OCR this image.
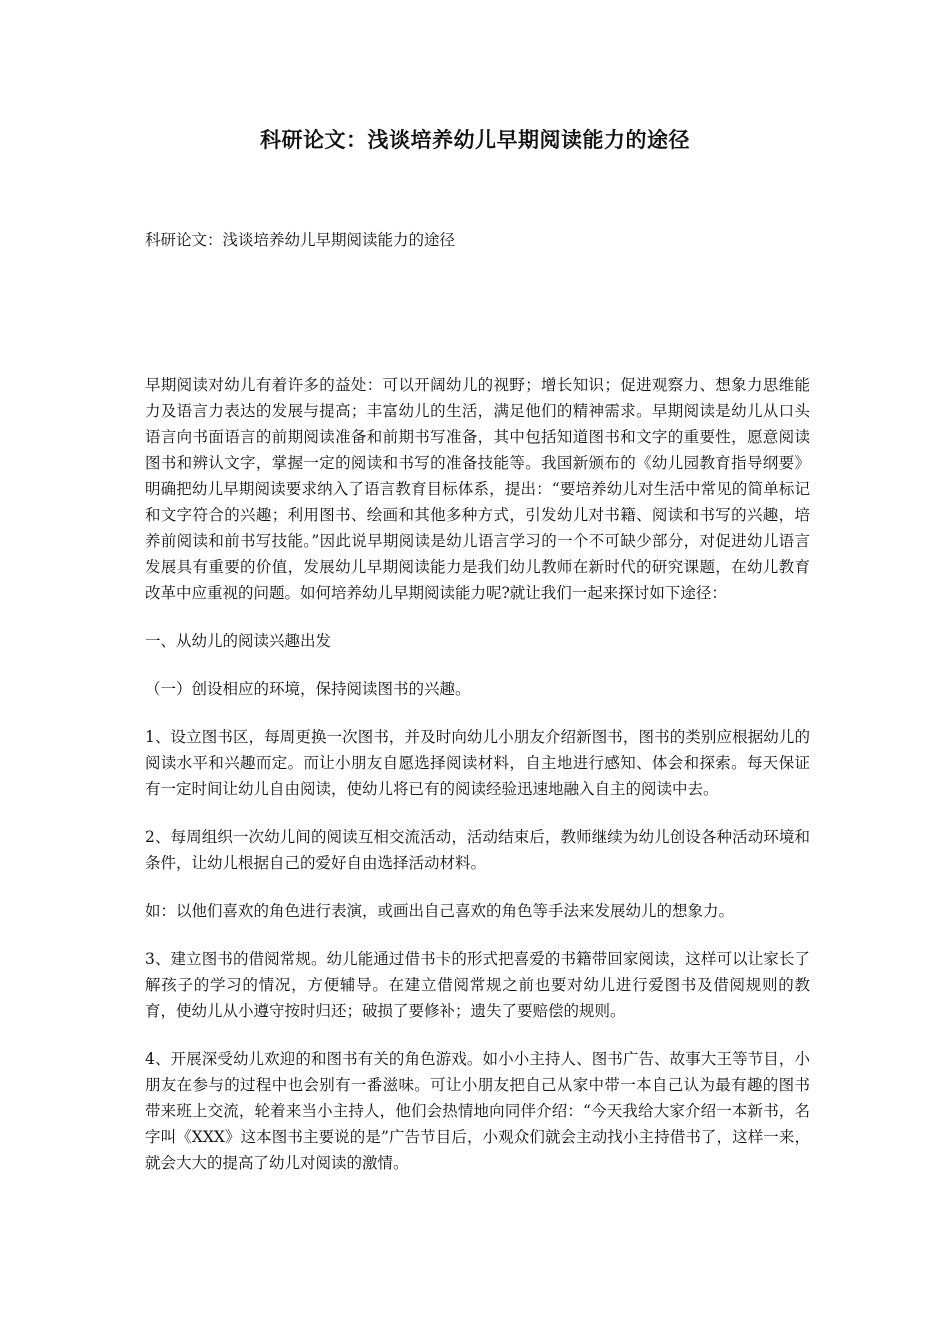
科研论文：浅谈培养幼儿早期阅读能力的途径

科研论文：浅谈培养幼儿早期阅读能力的途径

早期阅读对幼儿有着许多的益处：可以开阔幼儿的视野；增长知识；促进观察力、想象力思维能力及语言力表达的发展与提高；丰富幼儿的生活，满足他们的精神需求。早期阅读是幼儿从口头语言向书面语言的前期阅读准备和前期书写准备，其中包括知道图书和文字的重要性，愿意阅读图书和辨认文字，掌握一定的阅读和书写的准备技能等。我国新颁布的《幼儿园教育指导纲要》明确把幼儿早期阅读要求纳入了语言教育目标体系，提出：“要培养幼儿对生活中常见的简单标记和文字符合的兴趣；利用图书、绘画和其他多种方式，引发幼儿对书籍、阅读和书写的兴趣，培养前阅读和前书写技能。”因此说早期阅读是幼儿语言学习的一个不可缺少部分，对促进幼儿语言发展具有重要的价值，发展幼儿早期阅读能力是我们幼儿教师在新时代的研究课题，在幼儿教育改革中应重视的问题。如何培养幼儿早期阅读能力呢?就让我们一起来探讨如下途径：

一、从幼儿的阅读兴趣出发

（一）创设相应的环境，保持阅读图书的兴趣。

1、设立图书区，每周更换一次图书，并及时向幼儿小朋友介绍新图书，图书的类别应根据幼儿的阅读水平和兴趣而定。而让小朋友自愿选择阅读材料，自主地进行感知、体会和探索。每天保证有一定时间让幼儿自由阅读，使幼儿将已有的阅读经验迅速地融入自主的阅读中去。

2、每周组织一次幼儿间的阅读互相交流活动，活动结束后，教师继续为幼儿创设各种活动环境和条件，让幼儿根据自己的爱好自由选择活动材料。

如：以他们喜欢的角色进行表演，或画出自己喜欢的角色等手法来发展幼儿的想象力。

3、建立图书的借阅常规。幼儿能通过借书卡的形式把喜爱的书籍带回家阅读，这样可以让家长了解孩子的学习的情况，方便辅导。在建立借阅常规之前也要对幼儿进行爱图书及借阅规则的教育，使幼儿从小遵守按时归还；破损了要修补；遗失了要赔偿的规则。

4、开展深受幼儿欢迎的和图书有关的角色游戏。如小小主持人、图书广告、故事大王等节目，小朋友在参与的过程中也会别有一番滋味。可让小朋友把自己从家中带一本自己认为最有趣的图书带来班上交流，轮着来当小主持人，他们会热情地向同伴介绍：“今天我给大家介绍一本新书，名字叫《XXX》这本图书主要说的是”广告节目后，小观众们就会主动找小主持借书了，这样一来，就会大大的提高了幼儿对阅读的激情。
